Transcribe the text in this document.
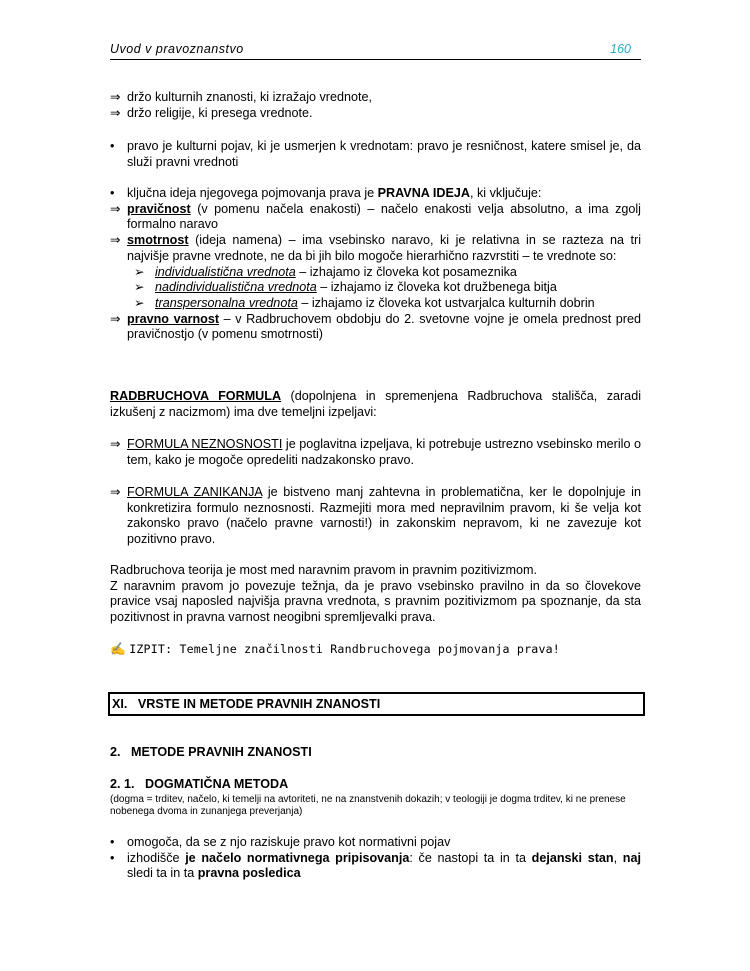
Uvod v pravoznanstvo	160
⇒ držo kulturnih znanosti, ki izražajo vrednote,
⇒ držo religije, ki presega vrednote.
• pravo je kulturni pojav, ki je usmerjen k vrednotam: pravo je resničnost, katere smisel je, da služi pravni vrednoti
• ključna ideja njegovega pojmovanja prava je PRAVNA IDEJA, ki vključuje:
⇒ pravičnost (v pomenu načela enakosti) – načelo enakosti velja absolutno, a ima zgolj formalno naravo
⇒ smotrnost (ideja namena) – ima vsebinsko naravo, ki je relativna in se razteza na tri najvišje pravne vrednote, ne da bi jih bilo mogoče hierarhično razvrstiti – te vrednote so:
➢ individualistična vrednota – izhajamo iz človeka kot posameznika
➢ nadindividualistična vrednota – izhajamo iz človeka kot družbenega bitja
➢ transpersonalna vrednota – izhajamo iz človeka kot ustvarjalca kulturnih dobrin
⇒ pravno varnost – v Radbruchovem obdobju do 2. svetovne vojne je omela prednost pred pravičnostjo (v pomenu smotrnosti)
RADBRUCHOVA FORMULA (dopolnjena in spremenjena Radbruchova stališča, zaradi izkušenj z nacizmom) ima dve temeljni izpeljavi:
⇒ FORMULA NEZNOSNOSTI je poglavitna izpeljava, ki potrebuje ustrezno vsebinsko merilo o tem, kako je mogoče opredeliti nadzakonsko pravo.
⇒ FORMULA ZANIKANJA je bistveno manj zahtevna in problematična, ker le dopolnjuje in konkretizira formulo neznosnosti. Razmejiti mora med nepravilnim pravom, ki še velja kot zakonsko pravo (načelo pravne varnosti!) in zakonskim nepravom, ki ne zavezuje kot pozitivno pravo.
Radbruchova teorija je most med naravnim pravom in pravnim pozitivizmom.
Z naravnim pravom jo povezuje težnja, da je pravo vsebinsko pravilno in da so človekove pravice vsaj naposled najvišja pravna vrednota, s pravnim pozitivizmom pa spoznanje, da sta pozitivnost in pravna varnost neogibni spremljevalki prava.
✍ IZPIT: Temeljne značilnosti Randbruchovega pojmovanja prava!
XI.   VRSTE IN METODE PRAVNIH ZNANOSTI
2.   METODE PRAVNIH ZNANOSTI
2. 1.   DOGMATIČNA METODA
(dogma = trditev, načelo, ki temelji na avtoriteti, ne na znanstvenih dokazih; v teologiji je dogma trditev, ki ne prenese nobenega dvoma in zunanjega preverjanja)
• omogoča, da se z njo raziskuje pravo kot normativni pojav
• izhodišče je načelo normativnega pripisovanja: če nastopi ta in ta dejanski stan, naj sledi ta in ta pravna posledica
